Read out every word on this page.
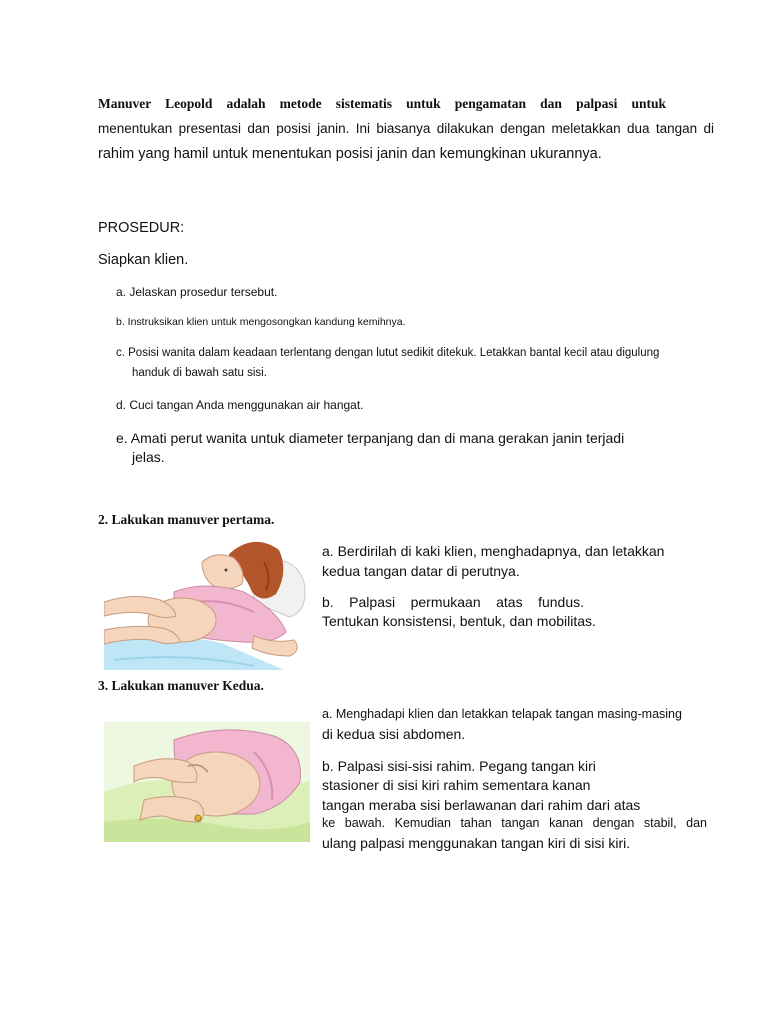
Manuver Leopold adalah metode sistematis untuk pengamatan dan palpasi untuk

menentukan presentasi dan posisi janin. Ini biasanya dilakukan dengan meletakkan dua tangan di

rahim yang hamil untuk menentukan posisi janin dan kemungkinan ukurannya.

PROSEDUR:

Siapkan klien.

a. Jelaskan prosedur tersebut.

b. Instruksikan klien untuk mengosongkan kandung kemihnya.

c. Posisi wanita dalam keadaan terlentang dengan lutut sedikit ditekuk. Letakkan bantal kecil atau digulung

handuk di bawah satu sisi.

d. Cuci tangan Anda menggunakan air hangat.

e. Amati perut wanita untuk diameter terpanjang dan di mana gerakan janin terjadi

jelas.

2. Lakukan manuver pertama.

a. Berdirilah di kaki klien, menghadapnya, dan letakkan

kedua tangan datar di perutnya.

b. Palpasi permukaan atas fundus.

Tentukan konsistensi, bentuk, dan mobilitas.

3. Lakukan manuver Kedua.

a. Menghadapi klien dan letakkan telapak tangan masing-masing

di kedua sisi abdomen.

b. Palpasi sisi-sisi rahim. Pegang tangan kiri

stasioner di sisi kiri rahim sementara kanan

tangan meraba sisi berlawanan dari rahim dari atas

ke bawah. Kemudian tahan tangan kanan dengan stabil, dan

ulang palpasi menggunakan tangan kiri di sisi kiri.
